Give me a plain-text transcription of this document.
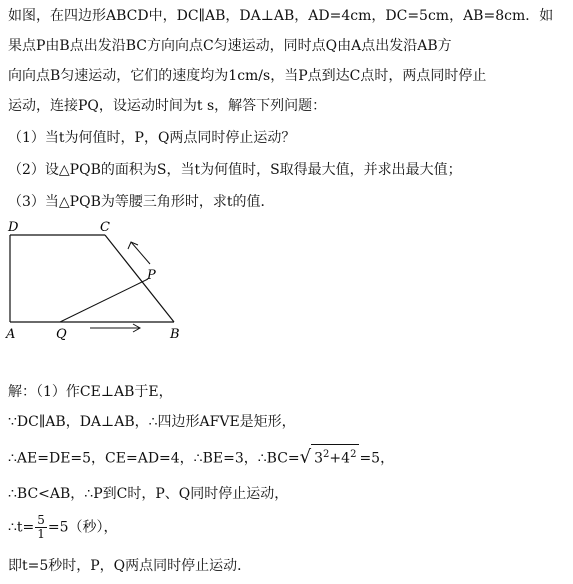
如图，在四边形ABCD中，DC∥AB，DA⊥AB，AD=4cm，DC=5cm，AB=8cm．如
果点P由B点出发沿BC方向向点C匀速运动，同时点Q由A点出发沿AB方
向向点B匀速运动，它们的速度均为1cm/s，当P点到达C点时，两点同时停止
运动，连接PQ，设运动时间为t s，解答下列问题：
（1）当t为何值时，P，Q两点同时停止运动？
（2）设△PQB的面积为S，当t为何值时，S取得最大值，并求出最大值；
（3）当△PQB为等腰三角形时，求t的值．
D	C
P
A	Q	B
解：（1）作CE⊥AB于E，
∵DC∥AB，DA⊥AB，∴四边形AFVE是矩形，
∴AE=DE=5，CE=AD=4，∴BE=3，∴BC=√ $3^2+4^2 =5$，
∴BC<AB，∴P到C时，P、Q同时停止运动，
∴t= $\frac{5}{1} =5$（秒），
即t=5秒时，P，Q两点同时停止运动．
